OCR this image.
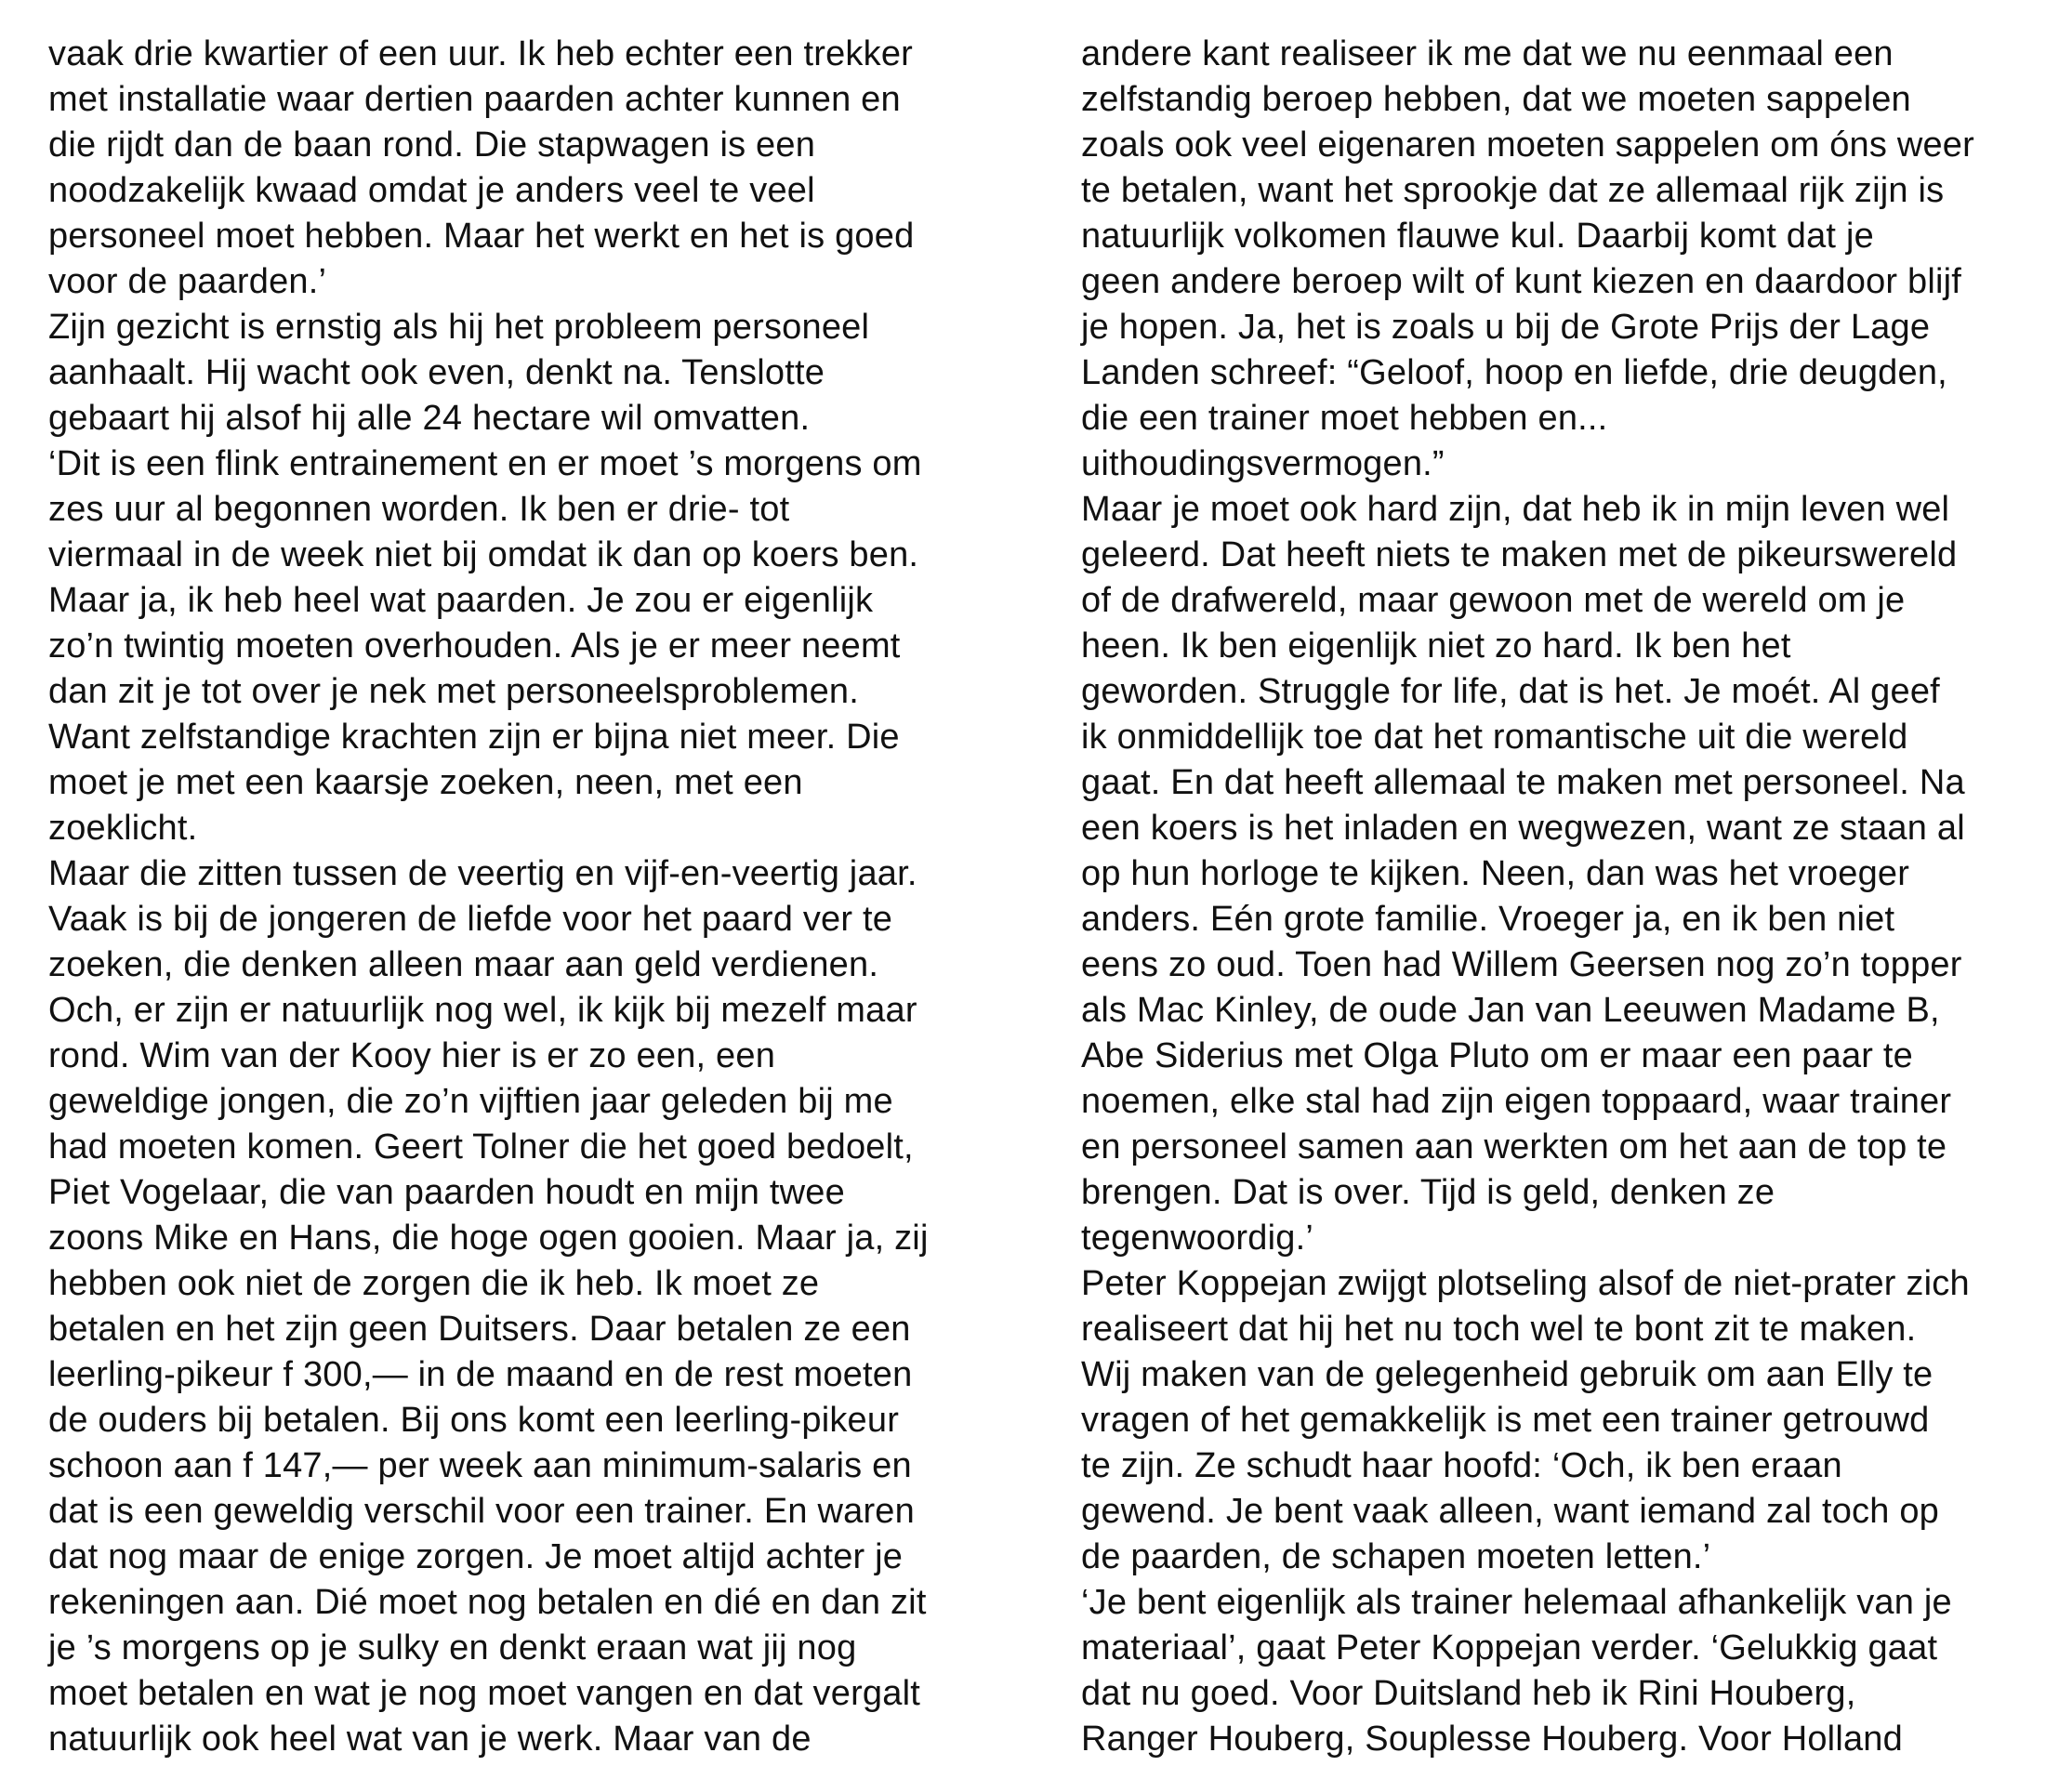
vaak drie kwartier of een uur. Ik heb echter een trekker
met installatie waar dertien paarden achter kunnen en
die rijdt dan de baan rond. Die stapwagen is een
noodzakelijk kwaad omdat je anders veel te veel
personeel moet hebben. Maar het werkt en het is goed
voor de paarden.’
Zijn gezicht is ernstig als hij het probleem personeel
aanhaalt. Hij wacht ook even, denkt na. Tenslotte
gebaart hij alsof hij alle 24 hectare wil omvatten.
‘Dit is een flink entrainement en er moet ’s morgens om
zes uur al begonnen worden. Ik ben er drie- tot
viermaal in de week niet bij omdat ik dan op koers ben.
Maar ja, ik heb heel wat paarden. Je zou er eigenlijk
zo’n twintig moeten overhouden. Als je er meer neemt
dan zit je tot over je nek met personeelsproblemen.
Want zelfstandige krachten zijn er bijna niet meer. Die
moet je met een kaarsje zoeken, neen, met een
zoeklicht.
Maar die zitten tussen de veertig en vijf-en-veertig jaar.
Vaak is bij de jongeren de liefde voor het paard ver te
zoeken, die denken alleen maar aan geld verdienen.
Och, er zijn er natuurlijk nog wel, ik kijk bij mezelf maar
rond. Wim van der Kooy hier is er zo een, een
geweldige jongen, die zo’n vijftien jaar geleden bij me
had moeten komen. Geert Tolner die het goed bedoelt,
Piet Vogelaar, die van paarden houdt en mijn twee
zoons Mike en Hans, die hoge ogen gooien. Maar ja, zij
hebben ook niet de zorgen die ik heb. Ik moet ze
betalen en het zijn geen Duitsers. Daar betalen ze een
leerling-pikeur f 300,— in de maand en de rest moeten
de ouders bij betalen. Bij ons komt een leerling-pikeur
schoon aan f 147,— per week aan minimum-salaris en
dat is een geweldig verschil voor een trainer. En waren
dat nog maar de enige zorgen. Je moet altijd achter je
rekeningen aan. Dié moet nog betalen en dié en dan zit
je ’s morgens op je sulky en denkt eraan wat jij nog
moet betalen en wat je nog moet vangen en dat vergalt
natuurlijk ook heel wat van je werk. Maar van de
andere kant realiseer ik me dat we nu eenmaal een
zelfstandig beroep hebben, dat we moeten sappelen
zoals ook veel eigenaren moeten sappelen om óns weer
te betalen, want het sprookje dat ze allemaal rijk zijn is
natuurlijk volkomen flauwe kul. Daarbij komt dat je
geen andere beroep wilt of kunt kiezen en daardoor blijf
je hopen. Ja, het is zoals u bij de Grote Prijs der Lage
Landen schreef: “Geloof, hoop en liefde, drie deugden,
die een trainer moet hebben en...
uithoudingsvermogen.”
Maar je moet ook hard zijn, dat heb ik in mijn leven wel
geleerd. Dat heeft niets te maken met de pikeurswereld
of de drafwereld, maar gewoon met de wereld om je
heen. Ik ben eigenlijk niet zo hard. Ik ben het
geworden. Struggle for life, dat is het. Je moét. Al geef
ik onmiddellijk toe dat het romantische uit die wereld
gaat. En dat heeft allemaal te maken met personeel. Na
een koers is het inladen en wegwezen, want ze staan al
op hun horloge te kijken. Neen, dan was het vroeger
anders. Eén grote familie. Vroeger ja, en ik ben niet
eens zo oud. Toen had Willem Geersen nog zo’n topper
als Mac Kinley, de oude Jan van Leeuwen Madame B,
Abe Siderius met Olga Pluto om er maar een paar te
noemen, elke stal had zijn eigen toppaard, waar trainer
en personeel samen aan werkten om het aan de top te
brengen. Dat is over. Tijd is geld, denken ze
tegenwoordig.’
Peter Koppejan zwijgt plotseling alsof de niet-prater zich
realiseert dat hij het nu toch wel te bont zit te maken.
Wij maken van de gelegenheid gebruik om aan Elly te
vragen of het gemakkelijk is met een trainer getrouwd
te zijn. Ze schudt haar hoofd: ‘Och, ik ben eraan
gewend. Je bent vaak alleen, want iemand zal toch op
de paarden, de schapen moeten letten.’
‘Je bent eigenlijk als trainer helemaal afhankelijk van je
materiaal’, gaat Peter Koppejan verder. ‘Gelukkig gaat
dat nu goed. Voor Duitsland heb ik Rini Houberg,
Ranger Houberg, Souplesse Houberg. Voor Holland
